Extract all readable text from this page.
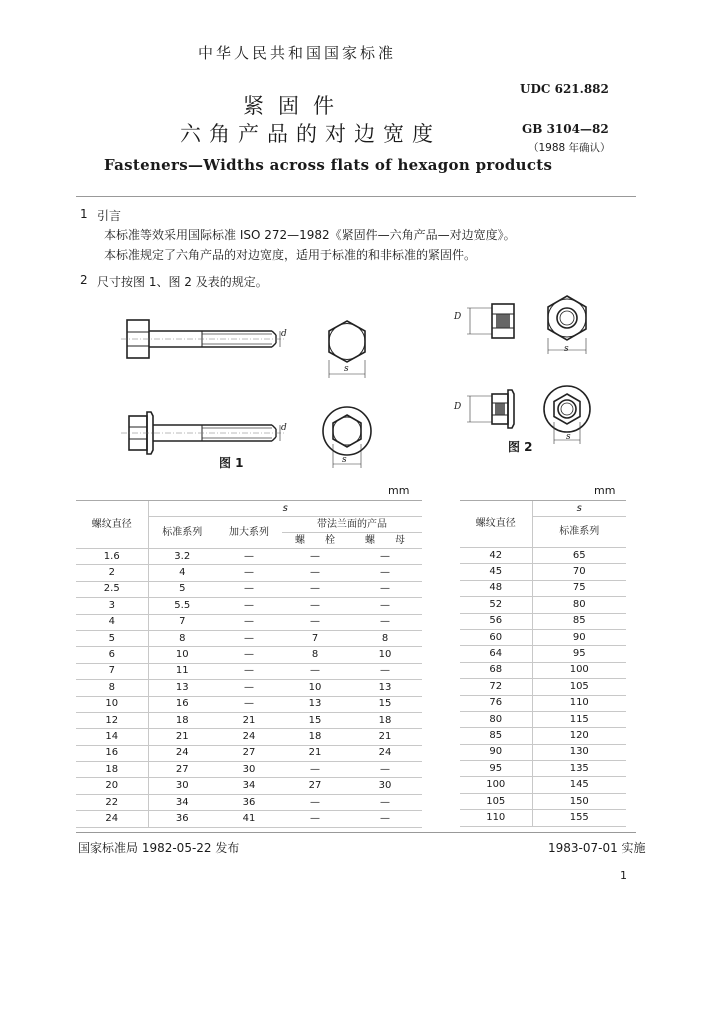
中华人民共和国国家标准
紧固件
六角产品的对边宽度
Fasteners—Widths across flats of hexagon products
UDC 621.882
GB 3104—82
（1988 年确认）
1 引言
本标准等效采用国际标准 ISO 272—1982《紧固件—六角产品—对边宽度》。
本标准规定了六角产品的对边宽度，适用于标准的和非标准的紧固件。
2 尺寸按图 1、图 2 及表的规定。
d
s
d
s
图 1
D
s
D
s
图 2
mm	mm
螺纹直径	s			
	标准系列	加大系列	带法兰面的产品	
			螺　　栓	螺　　母
1.6	3.2	—	—	—
2	4	—	—	—
2.5	5	—	—	—
3	5.5	—	—	—
4	7	—	—	—
5	8	—	7	8
6	10	—	8	10
7	11	—	—	—
8	13	—	10	13
10	16	—	13	15
12	18	21	15	18
14	21	24	18	21
16	24	27	21	24
18	27	30	—	—
20	30	34	27	30
22	34	36	—	—
24	36	41	—	—
螺纹直径	s
	标准系列

42	65
45	70
48	75
52	80
56	85
60	90
64	95
68	100
72	105
76	110
80	115
85	120
90	130
95	135
100	145
105	150
110	155
国家标准局 1982-05-22 发布	1983-07-01 实施
1
